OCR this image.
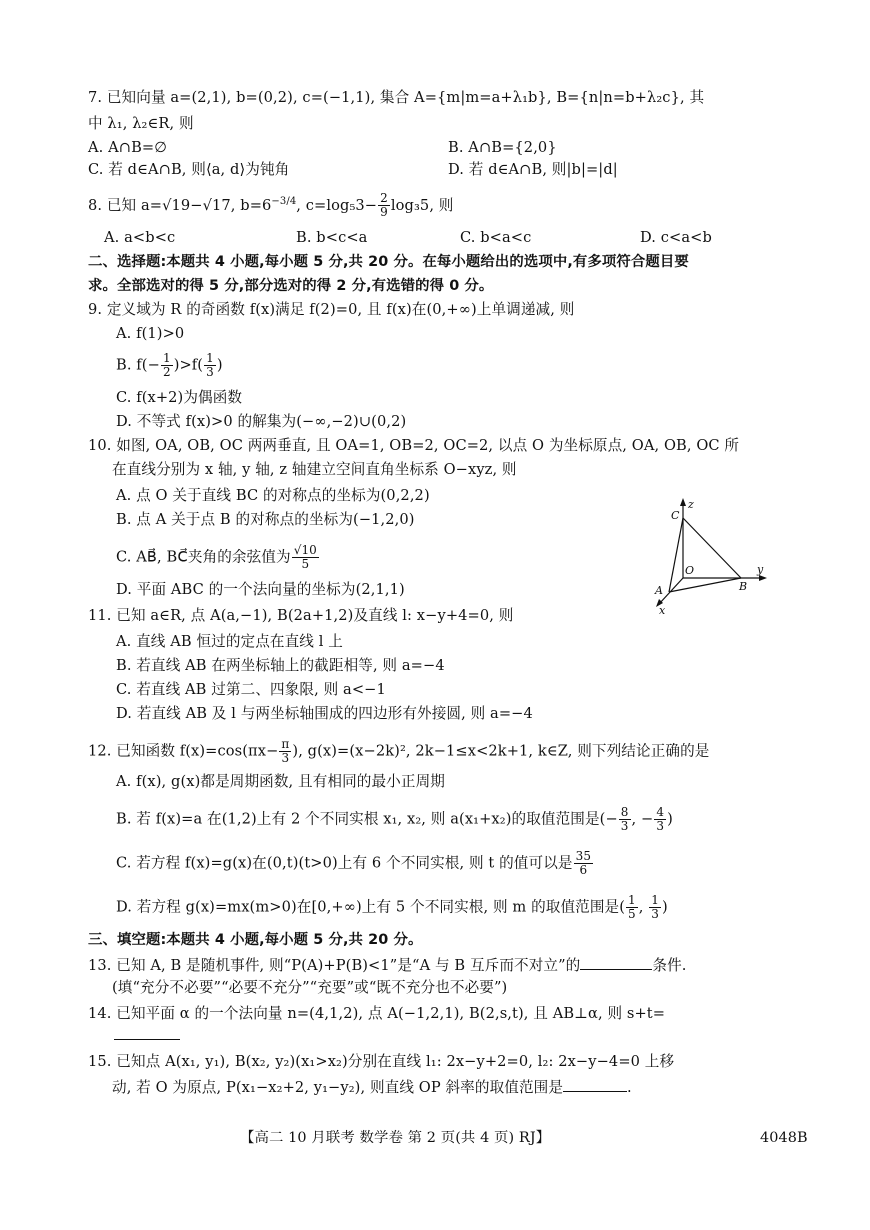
7. 已知向量 a=(2,1), b=(0,2), c=(−1,1), 集合 A={m|m=a+λ₁b}, B={n|n=b+λ₂c}, 其
中 λ₁, λ₂∈R, 则
A. A∩B=∅	B. A∩B={2,0}
C. 若 d∈A∩B, 则⟨a, d⟩为钝角	D. 若 d∈A∩B, 则|b|=|d|
8. 已知 a=√19−√17, $b=6^{-3/4}$, $c=\log_53- \frac{2}{9} \log_35$, 则
A. a<b<c	B. b<c<a	C. b<a<c	D. c<a<b
二、选择题:本题共 4 小题,每小题 5 分,共 20 分。在每小题给出的选项中,有多项符合题目要
求。全部选对的得 5 分,部分选对的得 2 分,有选错的得 0 分。
9. 定义域为 R 的奇函数 f(x)满足 f(2)=0, 且 f(x)在(0,+∞)上单调递减, 则
A. f(1)>0
B. $f(- \frac{1}{2} )>f( \frac{1}{3}$ )
C. f(x+2)为偶函数
D. 不等式 f(x)>0 的解集为(−∞,−2)∪(0,2)
10. 如图, OA, OB, OC 两两垂直, 且 OA=1, OB=2, OC=2, 以点 O 为坐标原点, OA, OB, OC 所
在直线分别为 x 轴, y 轴, z 轴建立空间直角坐标系 O−xyz, 则
A. 点 O 关于直线 BC 的对称点的坐标为(0,2,2)
B. 点 A 关于点 B 的对称点的坐标为(−1,2,0)
C. AB⃗, BC⃗夹角的余弦值为 $\frac{√10}{5}$
D. 平面 ABC 的一个法向量的坐标为(2,1,1)
z
y
x
C
O
A	B
11. 已知 a∈R, 点 A(a,−1), B(2a+1,2)及直线 l: x−y+4=0, 则
A. 直线 AB 恒过的定点在直线 l 上
B. 若直线 AB 在两坐标轴上的截距相等, 则 a=−4
C. 若直线 AB 过第二、四象限, 则 a<−1
D. 若直线 AB 及 l 与两坐标轴围成的四边形有外接圆, 则 a=−4
12. 已知函数 $f(x)=\cos(\pi x- \frac{\pi}{3}$ ), g(x)=(x−2k)², 2k−1≤x<2k+1, k∈Z, 则下列结论正确的是
A. f(x), g(x)都是周期函数, 且有相同的最小正周期
B. 若 f(x)=a 在(1,2)上有 2 个不同实根 x₁, x₂, 则 a(x₁+x₂)的取值范围是(− $\frac{8}{3}$ , − $\frac{4}{3}$ )
C. 若方程 f(x)=g(x)在(0,t)(t>0)上有 6 个不同实根, 则 t 的值可以是 $\frac{35}{6}$
D. 若方程 g(x)=mx(m>0)在[0,+∞)上有 5 个不同实根, 则 m 的取值范围是( $\frac{1}{5}$ , $\frac{1}{3}$ )
三、填空题:本题共 4 小题,每小题 5 分,共 20 分。
13. 已知 A, B 是随机事件, 则“P(A)+P(B)<1”是“A 与 B 互斥而不对立”的	条件.
(填“充分不必要”“必要不充分”“充要”或“既不充分也不必要”)
14. 已知平面 α 的一个法向量 n=(4,1,2), 点 A(−1,2,1), B(2,s,t), 且 AB⊥α, 则 s+t=
15. 已知点 A(x₁, y₁), B(x₂, y₂)(x₁>x₂)分别在直线 l₁: 2x−y+2=0, l₂: 2x−y−4=0 上移
动, 若 O 为原点, P(x₁−x₂+2, y₁−y₂), 则直线 OP 斜率的取值范围是	.
【高二 10 月联考 数学卷 第 2 页(共 4 页) RJ】	4048B
